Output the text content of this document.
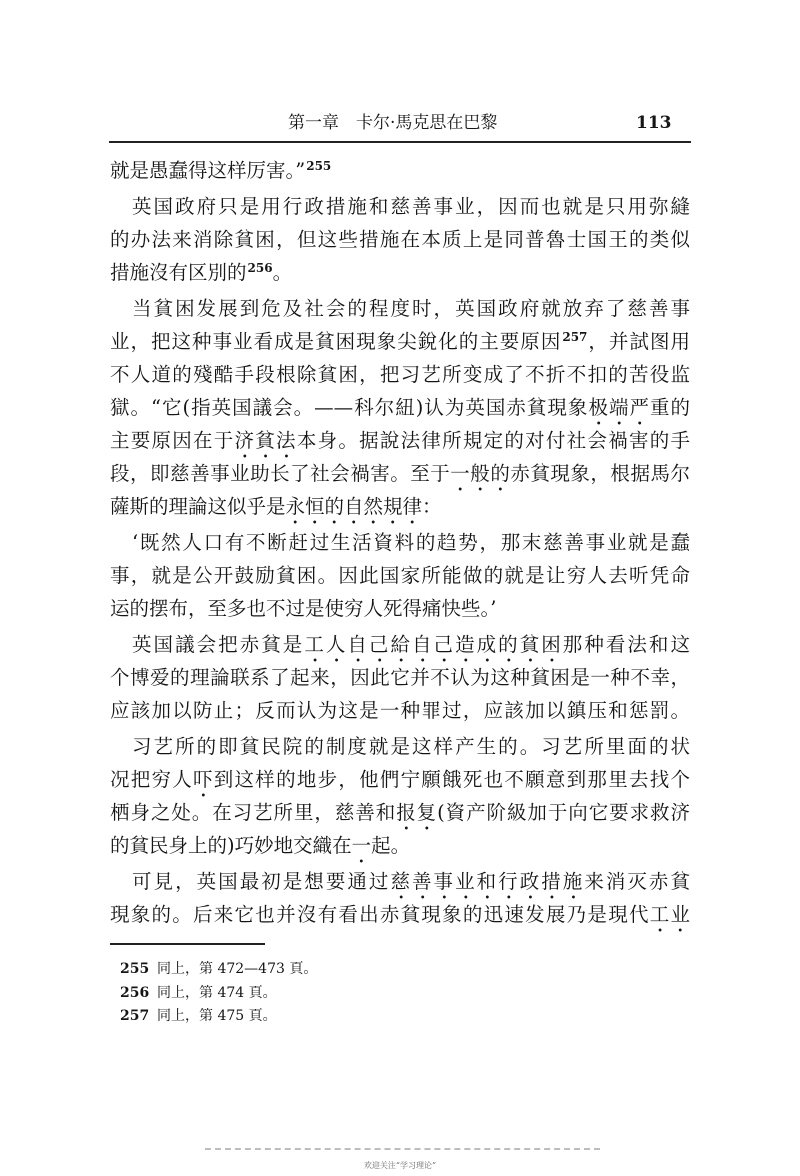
第一章　卡尔·馬克思在巴黎	113
就是愚蠢得这样厉害。”$^{255}$
英国政府只是用行政措施和慈善事业，因而也就是只用弥縫
的办法来消除貧困，但这些措施在本质上是同普魯士国王的类似
措施沒有区別的$^{256}$。
当貧困发展到危及社会的程度时，英国政府就放弃了慈善事
业，把这种事业看成是貧困現象尖銳化的主要原因$^{257}$，并試图用
不人道的殘酷手段根除貧困，把习艺所变成了不折不扣的苦役监
獄。“它(指英国議会。——科尔紐)认为英国赤貧現象极端严重的
主要原因在于济貧法本身。据說法律所規定的对付社会禍害的手
段，即慈善事业助长了社会禍害。至于一般的赤貧現象，根据馬尔
薩斯的理論这似乎是永恒的自然規律：
‘既然人口有不断赶过生活資料的趋势，那末慈善事业就是蠢
事，就是公开鼓励貧困。因此国家所能做的就是让穷人去听凭命
运的摆布，至多也不过是使穷人死得痛快些。’
英国議会把赤貧是工人自己給自己造成的貧困那种看法和这
个博爱的理論联系了起来，因此它并不认为这种貧困是一种不幸，
应該加以防止；反而认为这是一种罪过，应該加以鎮压和惩罰。
习艺所的即貧民院的制度就是这样产生的。习艺所里面的状
况把穷人吓到这样的地步，他們宁願餓死也不願意到那里去找个
栖身之处。在习艺所里，慈善和报复(資产阶級加于向它要求救济
的貧民身上的)巧妙地交織在一起。
可見，英国最初是想要通过慈善事业和行政措施来消灭赤貧
現象的。后来它也并沒有看出赤貧現象的迅速发展乃是現代工业
255 同上，第 472—473 頁。
256 同上，第 474 頁。
257 同上，第 475 頁。
欢迎关注“学习理论”
